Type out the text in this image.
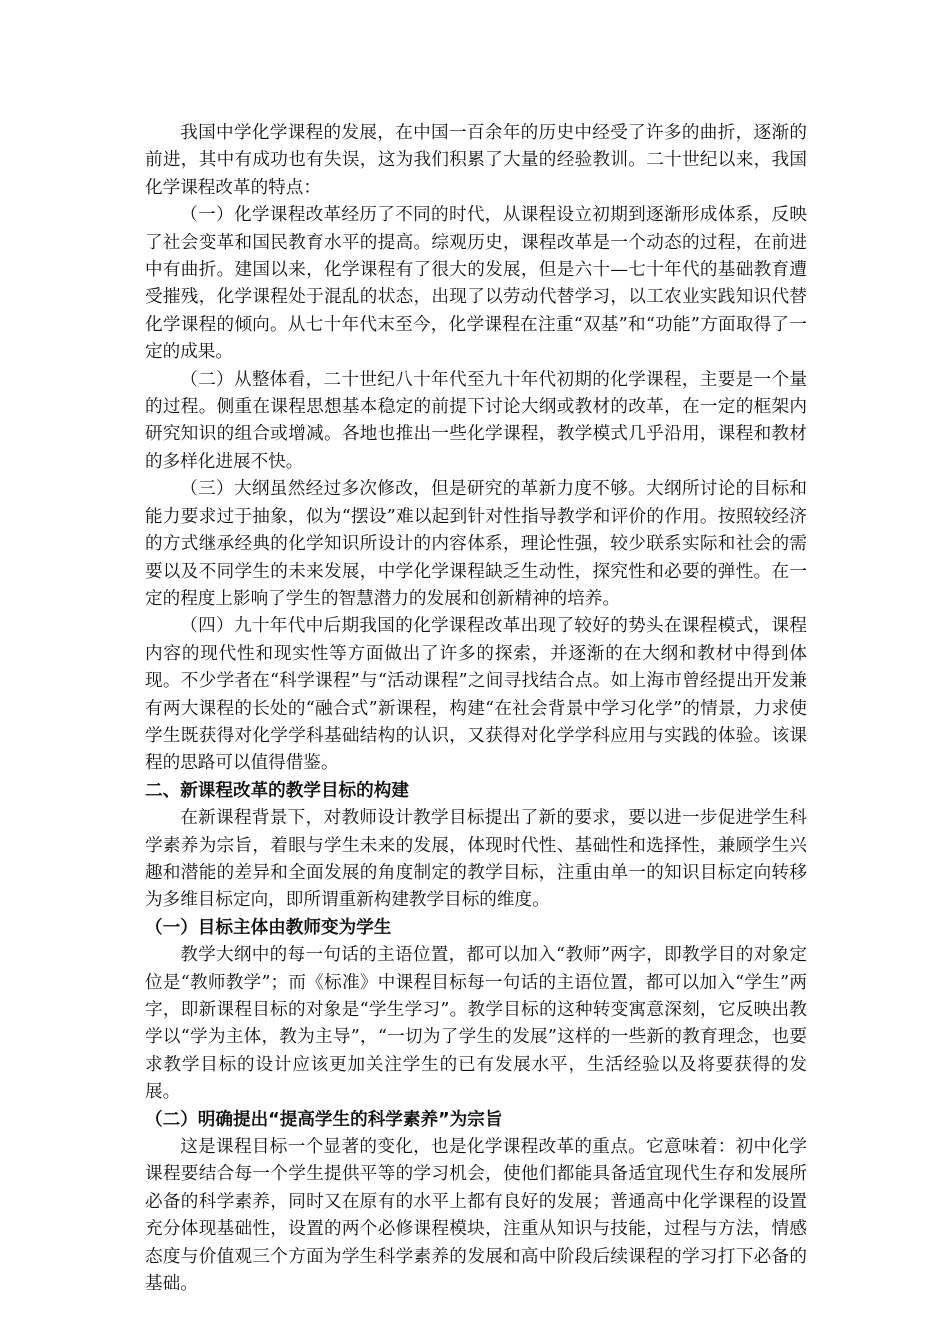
我国中学化学课程的发展，在中国一百余年的历史中经受了许多的曲折，逐渐的前进，其中有成功也有失误，这为我们积累了大量的经验教训。二十世纪以来，我国化学课程改革的特点：

（一）化学课程改革经历了不同的时代，从课程设立初期到逐渐形成体系，反映了社会变革和国民教育水平的提高。综观历史，课程改革是一个动态的过程，在前进中有曲折。建国以来，化学课程有了很大的发展，但是六十—七十年代的基础教育遭受摧残，化学课程处于混乱的状态，出现了以劳动代替学习，以工农业实践知识代替化学课程的倾向。从七十年代末至今，化学课程在注重“双基”和“功能”方面取得了一定的成果。

（二）从整体看，二十世纪八十年代至九十年代初期的化学课程，主要是一个量的过程。侧重在课程思想基本稳定的前提下讨论大纲或教材的改革，在一定的框架内研究知识的组合或增减。各地也推出一些化学课程，教学模式几乎沿用，课程和教材的多样化进展不快。

（三）大纲虽然经过多次修改，但是研究的革新力度不够。大纲所讨论的目标和能力要求过于抽象，似为“摆设”难以起到针对性指导教学和评价的作用。按照较经济的方式继承经典的化学知识所设计的内容体系，理论性强，较少联系实际和社会的需要以及不同学生的未来发展，中学化学课程缺乏生动性，探究性和必要的弹性。在一定的程度上影响了学生的智慧潜力的发展和创新精神的培养。

（四）九十年代中后期我国的化学课程改革出现了较好的势头在课程模式，课程内容的现代性和现实性等方面做出了许多的探索，并逐渐的在大纲和教材中得到体现。不少学者在“科学课程”与“活动课程”之间寻找结合点。如上海市曾经提出开发兼有两大课程的长处的“融合式”新课程，构建“在社会背景中学习化学”的情景，力求使学生既获得对化学学科基础结构的认识，又获得对化学学科应用与实践的体验。该课程的思路可以值得借鉴。

二、新课程改革的教学目标的构建

在新课程背景下，对教师设计教学目标提出了新的要求，要以进一步促进学生科学素养为宗旨，着眼与学生未来的发展，体现时代性、基础性和选择性，兼顾学生兴趣和潜能的差异和全面发展的角度制定的教学目标，注重由单一的知识目标定向转移为多维目标定向，即所谓重新构建教学目标的维度。

（一）目标主体由教师变为学生

教学大纲中的每一句话的主语位置，都可以加入“教师”两字，即教学目的对象定位是“教师教学”；而《标准》中课程目标每一句话的主语位置，都可以加入“学生”两字，即新课程目标的对象是“学生学习”。教学目标的这种转变寓意深刻，它反映出教学以“学为主体，教为主导”，“一切为了学生的发展”这样的一些新的教育理念，也要求教学目标的设计应该更加关注学生的已有发展水平，生活经验以及将要获得的发展。

（二）明确提出“提高学生的科学素养”为宗旨

这是课程目标一个显著的变化，也是化学课程改革的重点。它意味着：初中化学课程要结合每一个学生提供平等的学习机会，使他们都能具备适宜现代生存和发展所必备的科学素养，同时又在原有的水平上都有良好的发展；普通高中化学课程的设置充分体现基础性，设置的两个必修课程模块，注重从知识与技能，过程与方法，情感态度与价值观三个方面为学生科学素养的发展和高中阶段后续课程的学习打下必备的基础。
